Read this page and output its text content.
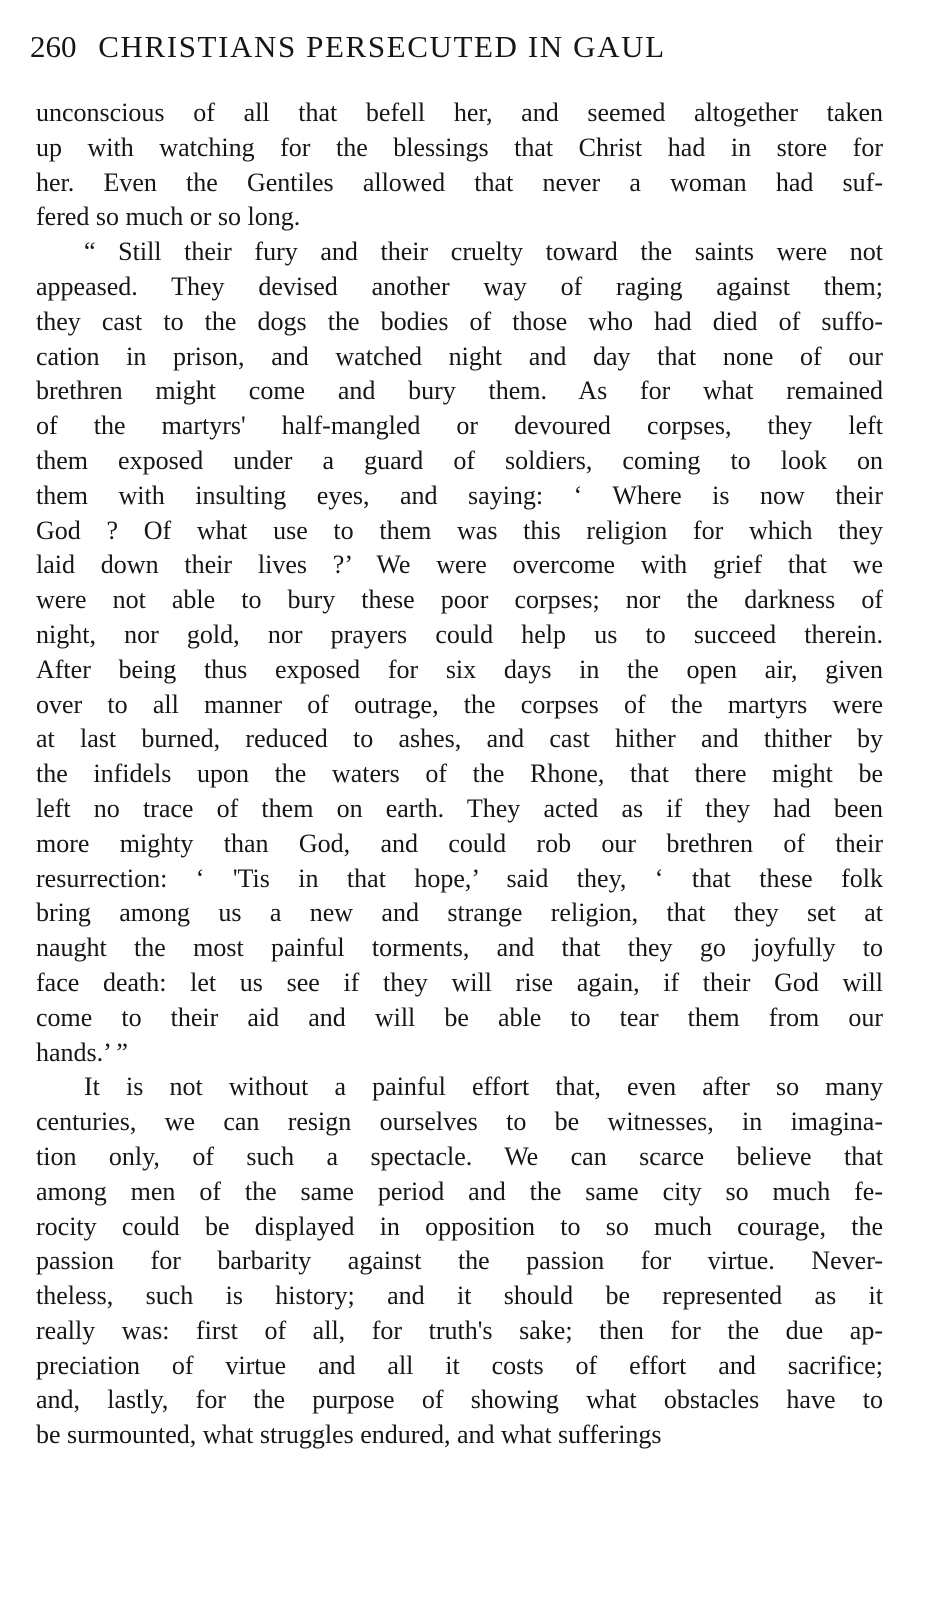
260 CHRISTIANS PERSECUTED IN GAUL
unconscious of all that befell her, and seemed altogether taken
up with watching for the blessings that Christ had in store for
her. Even the Gentiles allowed that never a woman had suf-
fered so much or so long.
“ Still their fury and their cruelty toward the saints were not
appeased. They devised another way of raging against them;
they cast to the dogs the bodies of those who had died of suffo-
cation in prison, and watched night and day that none of our
brethren might come and bury them. As for what remained
of the martyrs' half-mangled or devoured corpses, they left
them exposed under a guard of soldiers, coming to look on
them with insulting eyes, and saying: ‘ Where is now their
God ? Of what use to them was this religion for which they
laid down their lives ?’ We were overcome with grief that we
were not able to bury these poor corpses; nor the darkness of
night, nor gold, nor prayers could help us to succeed therein.
After being thus exposed for six days in the open air, given
over to all manner of outrage, the corpses of the martyrs were
at last burned, reduced to ashes, and cast hither and thither by
the infidels upon the waters of the Rhone, that there might be
left no trace of them on earth. They acted as if they had been
more mighty than God, and could rob our brethren of their
resurrection: ‘ 'Tis in that hope,’ said they, ‘ that these folk
bring among us a new and strange religion, that they set at
naught the most painful torments, and that they go joyfully to
face death: let us see if they will rise again, if their God will
come to their aid and will be able to tear them from our
hands.’ ”
It is not without a painful effort that, even after so many
centuries, we can resign ourselves to be witnesses, in imagina-
tion only, of such a spectacle. We can scarce believe that
among men of the same period and the same city so much fe-
rocity could be displayed in opposition to so much courage, the
passion for barbarity against the passion for virtue. Never-
theless, such is history; and it should be represented as it
really was: first of all, for truth's sake; then for the due ap-
preciation of virtue and all it costs of effort and sacrifice;
and, lastly, for the purpose of showing what obstacles have to
be surmounted, what struggles endured, and what sufferings
